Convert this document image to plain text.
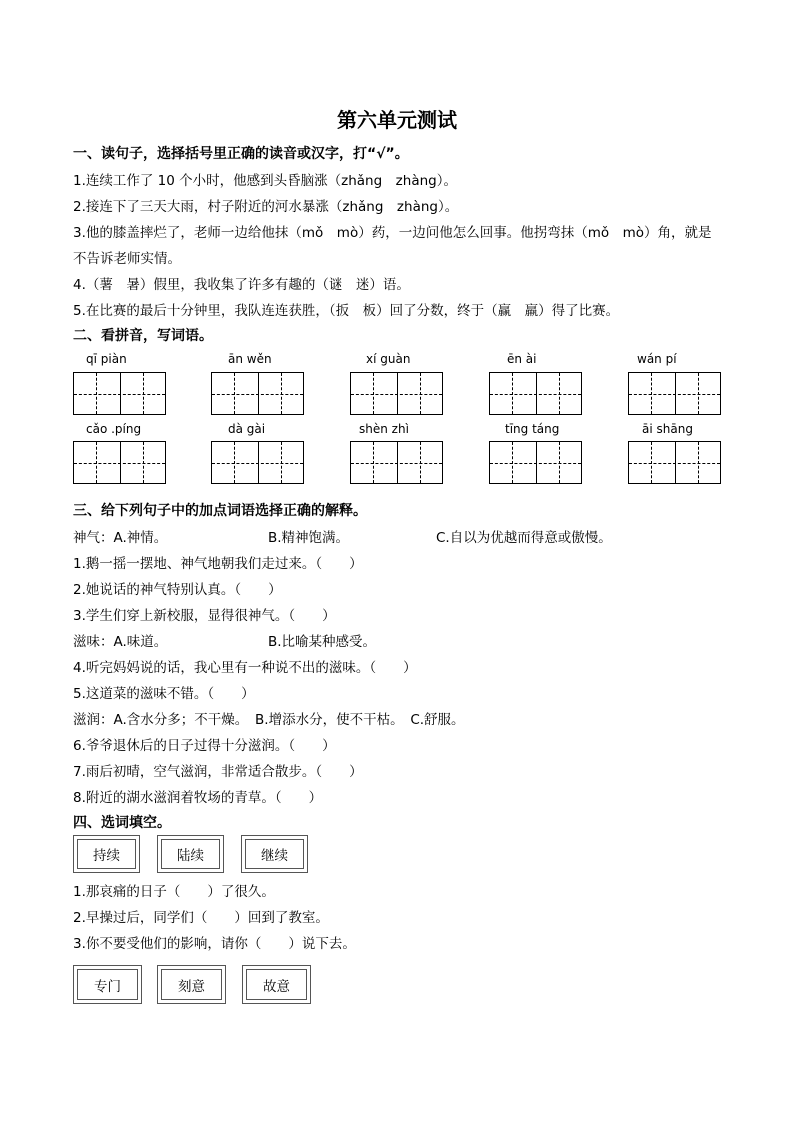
第六单元测试
一、读句子，选择括号里正确的读音或汉字，打“√”。
1.连续工作了 10 个小时，他感到头昏脑涨（zhǎng　zhàng）。
2.接连下了三天大雨，村子附近的河水暴涨（zhǎng　zhàng）。
3.他的膝盖摔烂了，老师一边给他抹（mǒ　mò）药，一边问他怎么回事。他拐弯抹（mǒ　mò）角，就是
不告诉老师实情。
4.（薯　暑）假里，我收集了许多有趣的（谜　迷）语。
5.在比赛的最后十分钟里，我队连连获胜，（扳　板）回了分数，终于（赢　羸）得了比赛。
二、看拼音，写词语。
qī piàn	ān wěn	xí guàn	ēn ài	wán pí
cǎo .píng	dà gài	shèn zhì	tīng táng	āi shāng
三、给下列句子中的加点词语选择正确的解释。
神气：A.神情。	B.精神饱满。	C.自以为优越而得意或傲慢。
1.鹅一摇一摆地、神气地朝我们走过来。（　　）
2.她说话的神气特别认真。（　　）
3.学生们穿上新校服，显得很神气。（　　）
滋味：A.味道。	B.比喻某种感受。
4.听完妈妈说的话，我心里有一种说不出的滋味。（　　）
5.这道菜的滋味不错。（　　）
滋润：A.含水分多；不干燥。　B.增添水分，使不干枯。　C.舒服。
6.爷爷退休后的日子过得十分滋润。（　　）
7.雨后初晴，空气滋润，非常适合散步。（　　）
8.附近的湖水滋润着牧场的青草。（　　）
四、选词填空。
持续	陆续	继续
1.那哀痛的日子（　　）了很久。
2.早操过后，同学们（　　）回到了教室。
3.你不要受他们的影响，请你（　　）说下去。
专门	刻意	故意
